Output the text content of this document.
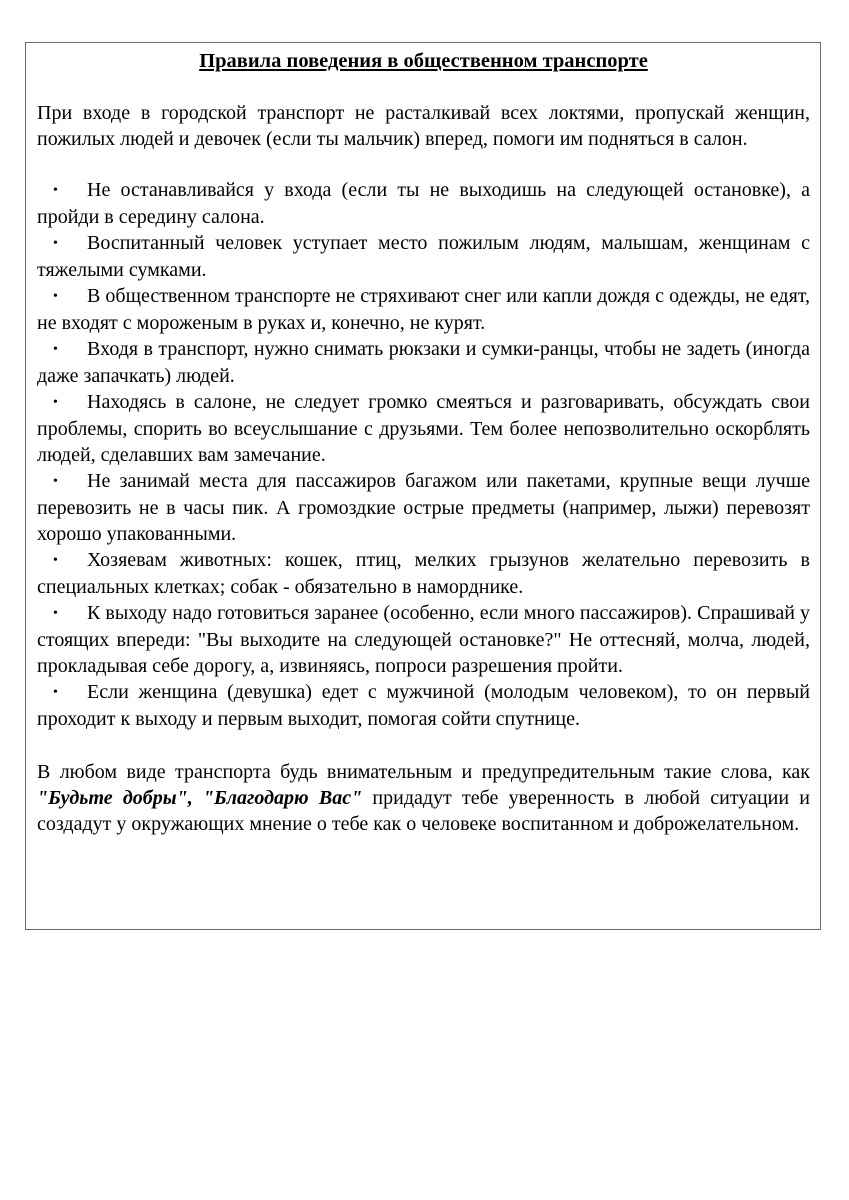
Правила поведения в общественном транспорте

При входе в городской транспорт не расталкивай всех локтями, пропускай женщин, пожилых людей и девочек (если ты мальчик) вперед, помоги им подняться в салон.

• Не останавливайся у входа (если ты не выходишь на следующей остановке), а пройди в середину салона.
• Воспитанный человек уступает место пожилым людям, малышам, женщинам с тяжелыми сумками.
• В общественном транспорте не стряхивают снег или капли дождя с одежды, не едят, не входят с мороженым в руках и, конечно, не курят.
• Входя в транспорт, нужно снимать рюкзаки и сумки-ранцы, чтобы не задеть (иногда даже запачкать) людей.
• Находясь в салоне, не следует громко смеяться и разговаривать, обсуждать свои проблемы, спорить во всеуслышание с друзьями. Тем более непозволительно оскорблять людей, сделавших вам замечание.
• Не занимай места для пассажиров багажом или пакетами, крупные вещи лучше перевозить не в часы пик. А громоздкие острые предметы (например, лыжи) перевозят хорошо упакованными.
• Хозяевам животных: кошек, птиц, мелких грызунов желательно перевозить в специальных клетках; собак - обязательно в наморднике.
• К выходу надо готовиться заранее (особенно, если много пассажиров). Спрашивай у стоящих впереди: "Вы выходите на следующей остановке?" Не оттесняй, молча, людей, прокладывая себе дорогу, а, извиняясь, попроси разрешения пройти.
• Если женщина (девушка) едет с мужчиной (молодым человеком), то он первый проходит к выходу и первым выходит, помогая сойти спутнице.

В любом виде транспорта будь внимательным и предупредительным такие слова, как "Будьте добры", "Благодарю Вас" придадут тебе уверенность в любой ситуации и создадут у окружающих мнение о тебе как о человеке воспитанном и доброжелательном.
